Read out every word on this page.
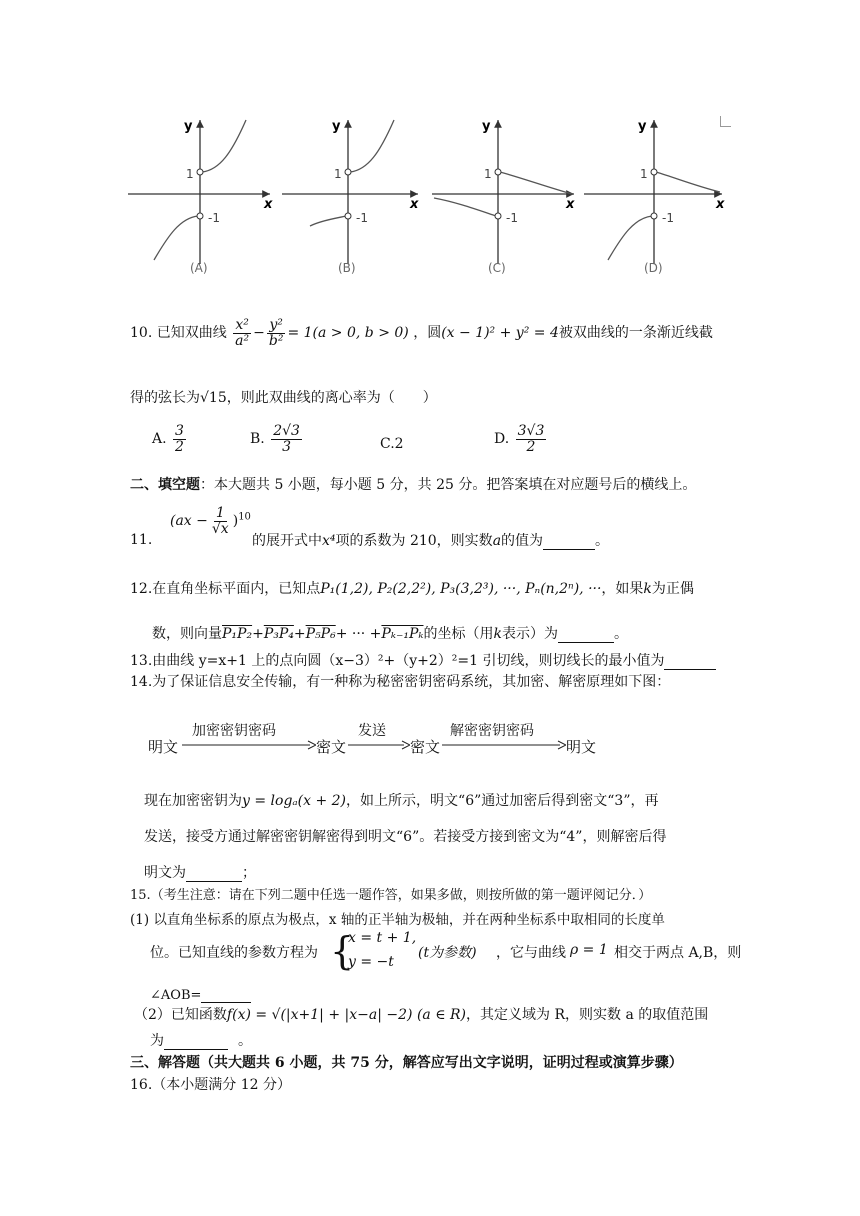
y
x
1
-1
(A)
y
x
1
-1
(B)
y
x
1
-1
(C)
y
x
1
-1
(D)
10. 已知双曲线 $\frac{\text{x²}}{\text{a²}} - \frac{\text{y²}}{\text{b²}} = 1(a > 0$, b > 0) ，圆(x − 1)² + y² = 4被双曲线的一条渐近线截
得的弦长为√15，则此双曲线的离心率为（　　）
A. $\frac{3}{2}$	B. $\frac{2√3}{3}$	C.2	D. $\frac{3√3}{2}$
二、填空题：本大题共 5 小题，每小题 5 分，共 25 分。把答案填在对应题号后的横线上。
11.
$(ax - \frac{1}{√x} )^{10}$
的展开式中x⁴项的系数为 210，则实数a的值为	。
12.在直角坐标平面内，已知点P₁(1,2), P₂(2,2²), P₃(3,2³), ···, Pₙ(n,2ⁿ), ···，如果k为正偶
数，则向量P₁P₂+P₃P₄+P₅P₆+ ··· +Pₖ₋₁Pₖ的坐标（用k表示）为	。
13.由曲线 y=x+1 上的点向圆（x−3）²+（y+2）²=1 引切线，则切线长的最小值为
14.为了保证信息安全传输，有一种称为秘密密钥密码系统，其加密、解密原理如下图：
明文
加密密钥密码
密文
发送
密文
解密密钥密码
明文
现在加密密钥为y = logₐ(x + 2)，如上所示，明文“6”通过加密后得到密文“3”，再
发送，接受方通过解密密钥解密得到明文“6”。若接受方接到密文为“4”，则解密后得
明文为	；
15.（考生注意：请在下列二题中任选一题作答，如果多做，则按所做的第一题评阅记分．）
(1) 以直角坐标系的原点为极点，x 轴的正半轴为极轴，并在两种坐标系中取相同的长度单
位。已知直线的参数方程为 {
x = t + 1,
y = −t
(t为参数) ，它与曲线 ρ = 1 相交于两点 A,B，则
∠AOB=
（2）已知函数f(x) = √(|x+1| + |x−a| −2) (a ∈ R)，其定义域为 R，则实数 a 的取值范围
为	。
三、解答题（共大题共 6 小题，共 75 分，解答应写出文字说明，证明过程或演算步骤）
16.（本小题满分 12 分）
